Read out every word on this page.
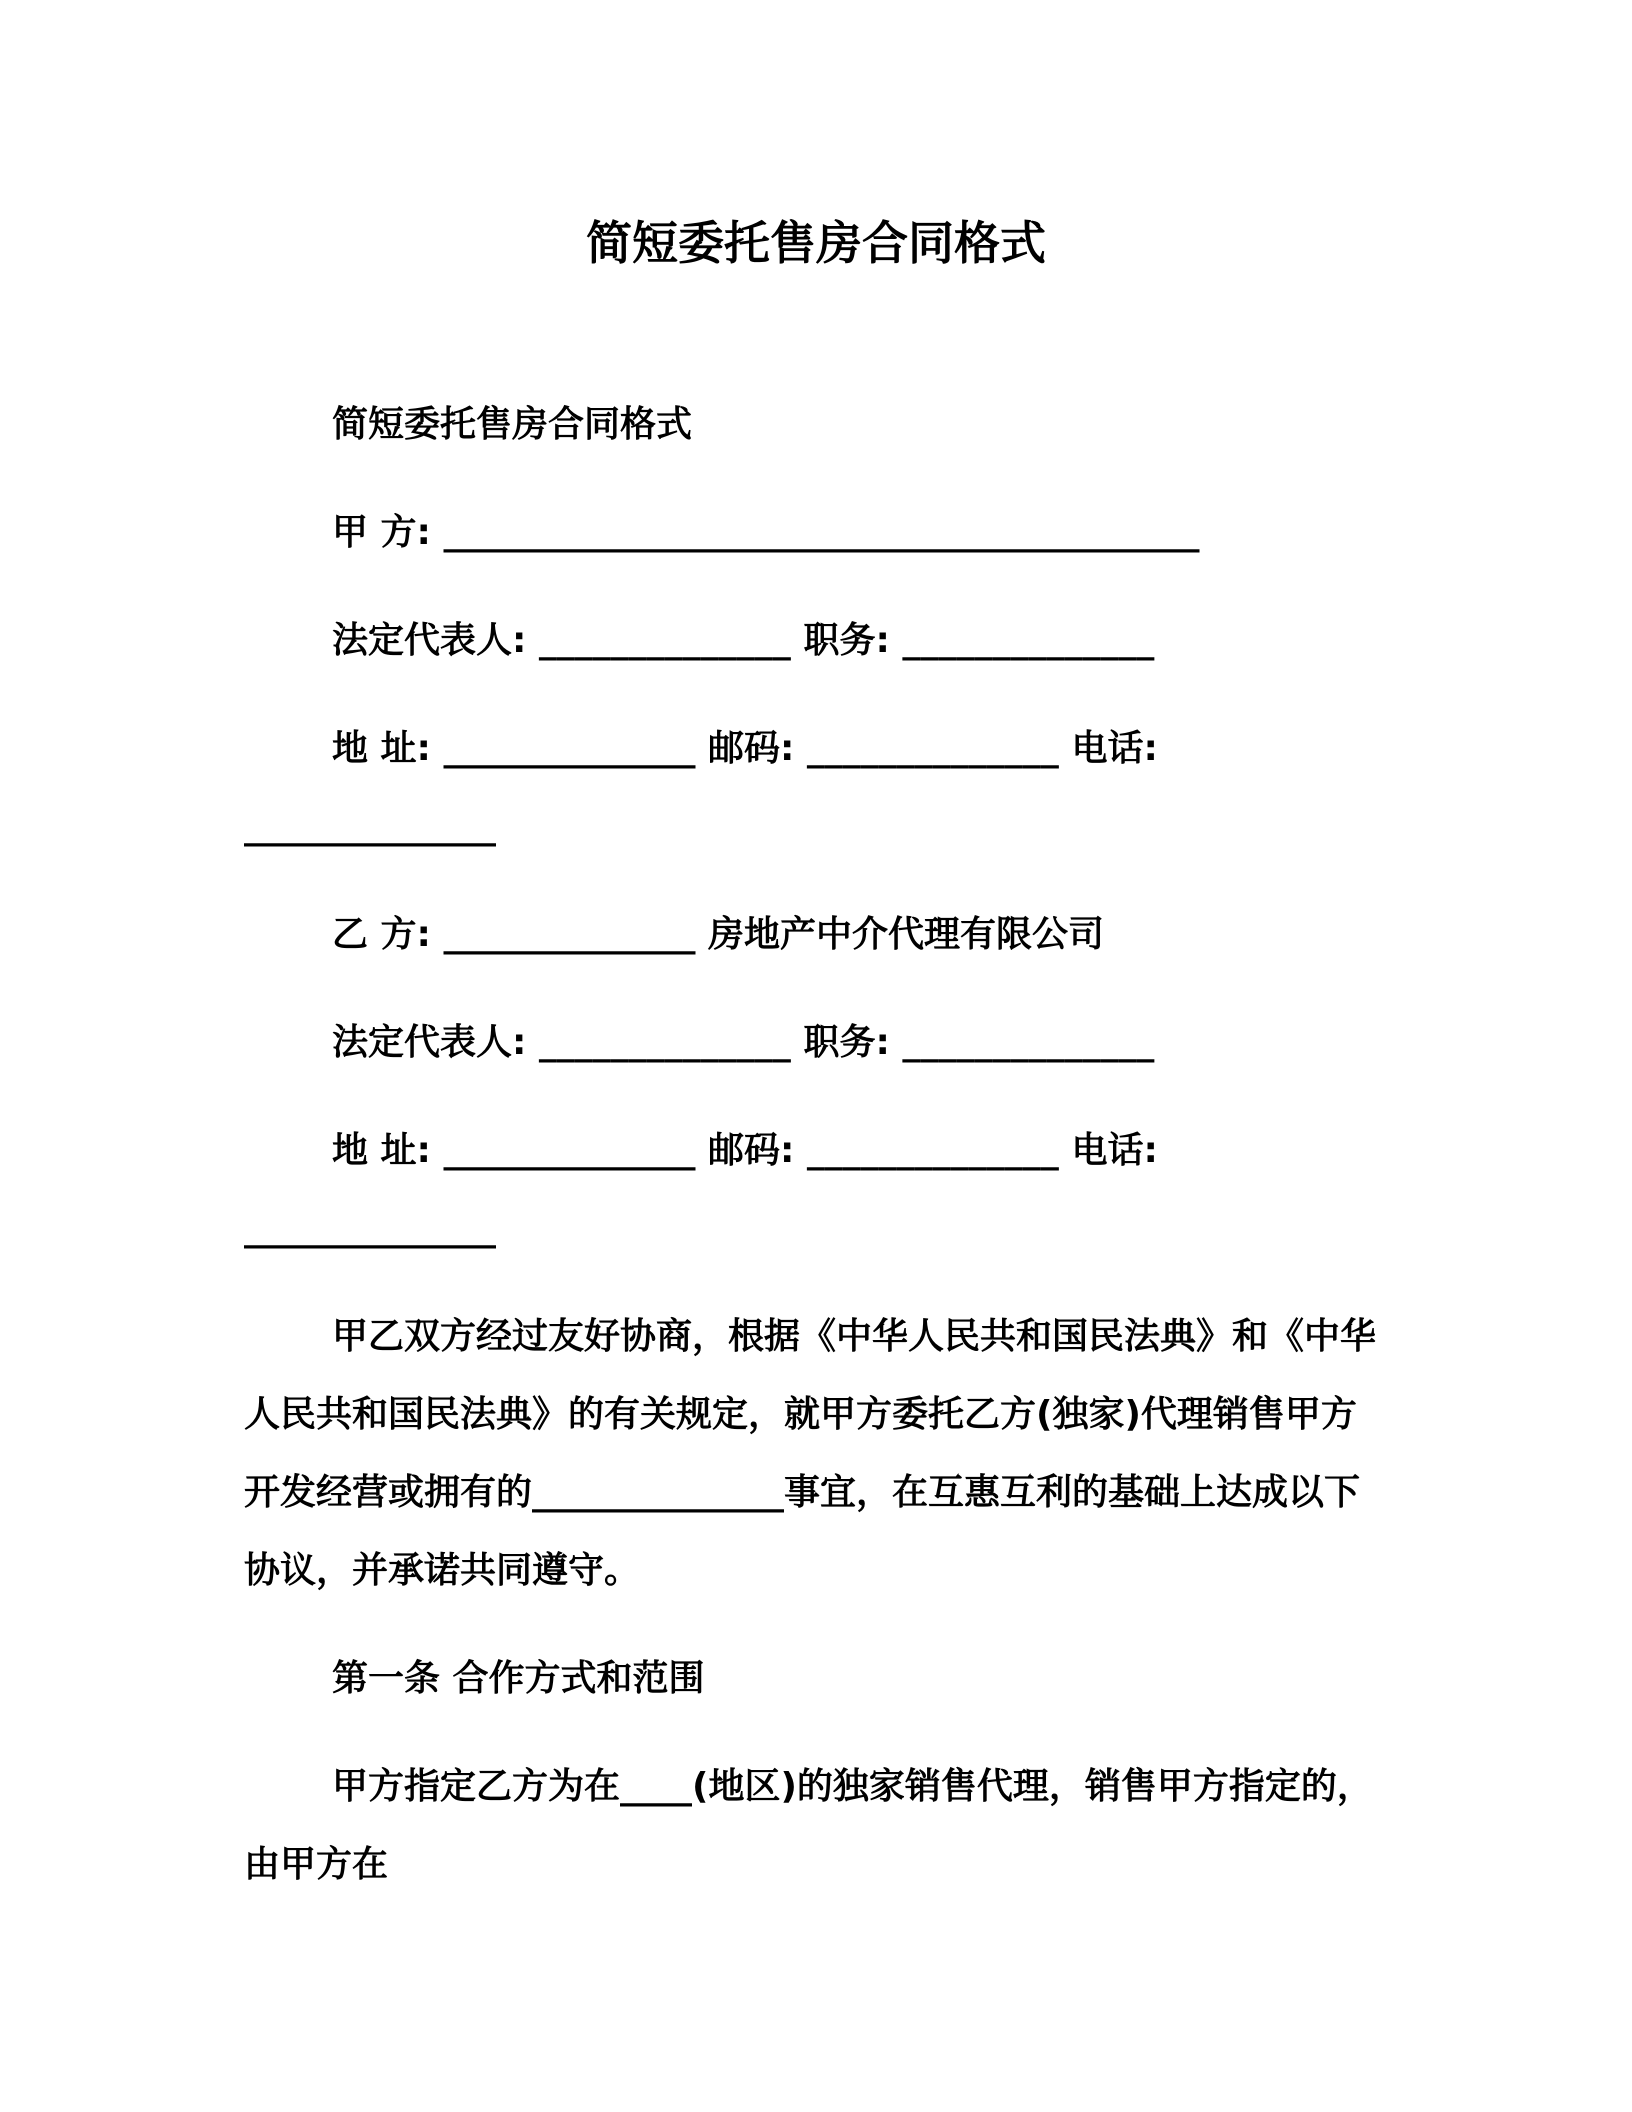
简短委托售房合同格式

简短委托售房合同格式

甲 方: __________________________________________

法定代表人: ______________ 职务: ______________

地 址: ______________ 邮码: ______________ 电话: ______________

乙 方: ______________ 房地产中介代理有限公司

法定代表人: ______________ 职务: ______________

地 址: ______________ 邮码: ______________ 电话: ______________

甲乙双方经过友好协商，根据《中华人民共和国民法典》和《中华人民共和国民法典》的有关规定，就甲方委托乙方(独家)代理销售甲方开发经营或拥有的______________事宜，在互惠互利的基础上达成以下协议，并承诺共同遵守。

第一条 合作方式和范围

甲方指定乙方为在____(地区)的独家销售代理，销售甲方指定的，由甲方在
